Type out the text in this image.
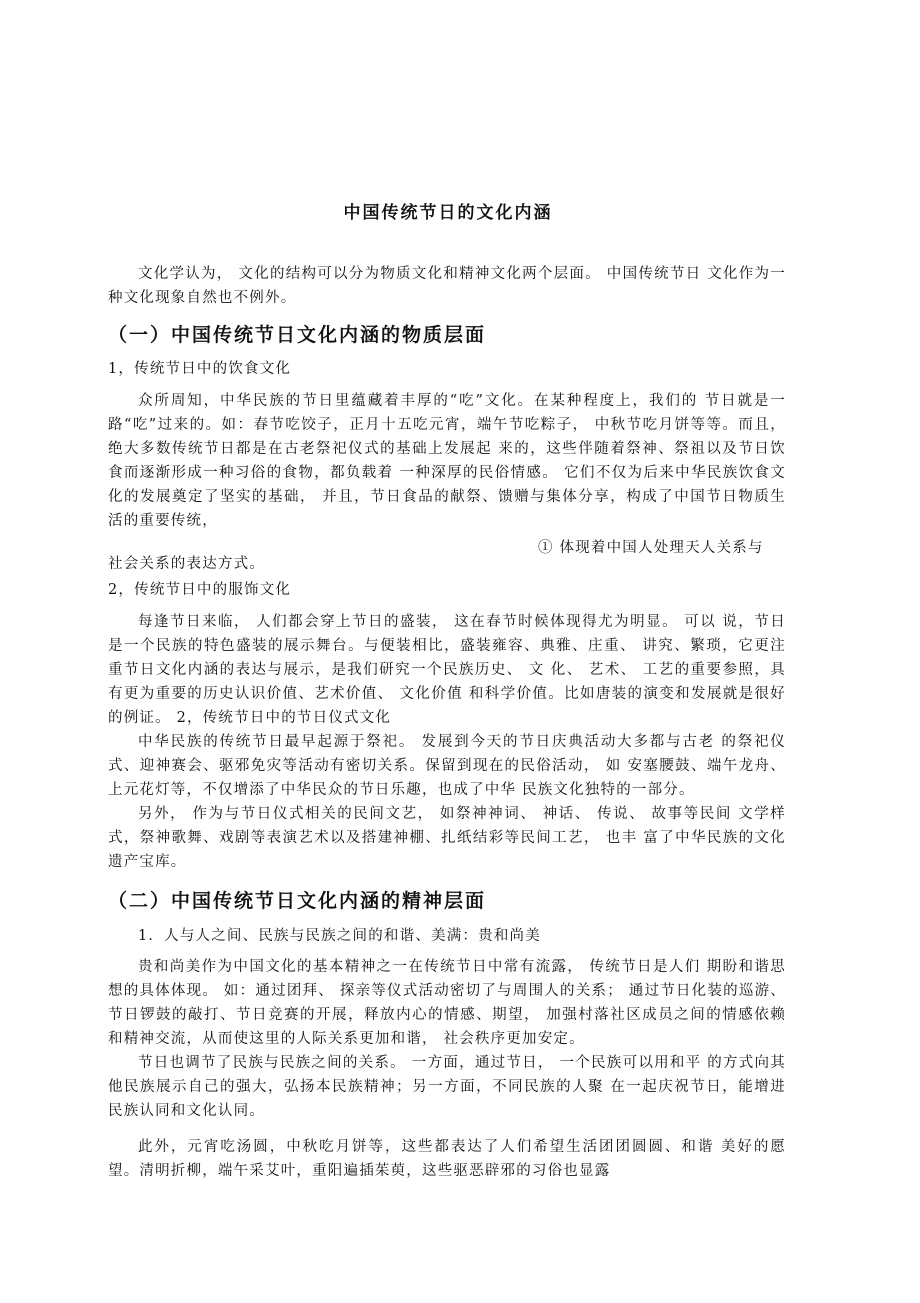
中国传统节日的文化内涵
文化学认为， 文化的结构可以分为物质文化和精神文化两个层面。 中国传统节日 文化作为一种文化现象自然也不例外。
（一）中国传统节日文化内涵的物质层面
1，传统节日中的饮食文化
众所周知，中华民族的节日里蕴藏着丰厚的“吃”文化。在某种程度上，我们的 节日就是一路“吃”过来的。如：春节吃饺子，正月十五吃元宵，端午节吃粽子， 中秋节吃月饼等等。而且，绝大多数传统节日都是在古老祭祀仪式的基础上发展起 来的，这些伴随着祭神、祭祖以及节日饮食而逐渐形成一种习俗的食物，都负载着 一种深厚的民俗情感。 它们不仅为后来中华民族饮食文化的发展奠定了坚实的基础， 并且，节日食品的献祭、馈赠与集体分享，构成了中国节日物质生活的重要传统，
① 体现着中国人处理天人关系与
社会关系的表达方式。
2，传统节日中的服饰文化
每逢节日来临， 人们都会穿上节日的盛装， 这在春节时候体现得尤为明显。 可以 说，节日是一个民族的特色盛装的展示舞台。与便装相比，盛装雍容、典雅、庄重、 讲究、繁琐，它更注重节日文化内涵的表达与展示，是我们研究一个民族历史、 文 化、 艺术、 工艺的重要参照，具有更为重要的历史认识价值、艺术价值、 文化价值 和科学价值。比如唐装的演变和发展就是很好的例证。 2，传统节日中的节日仪式文化
中华民族的传统节日最早起源于祭祀。 发展到今天的节日庆典活动大多都与古老 的祭祀仪式、迎神赛会、驱邪免灾等活动有密切关系。保留到现在的民俗活动， 如 安塞腰鼓、端午龙舟、上元花灯等，不仅增添了中华民众的节日乐趣，也成了中华 民族文化独特的一部分。
另外， 作为与节日仪式相关的民间文艺， 如祭神神词、 神话、 传说、 故事等民间 文学样式，祭神歌舞、戏剧等表演艺术以及搭建神棚、扎纸结彩等民间工艺， 也丰 富了中华民族的文化遗产宝库。
（二）中国传统节日文化内涵的精神层面
1．人与人之间、民族与民族之间的和谐、美满：贵和尚美
贵和尚美作为中国文化的基本精神之一在传统节日中常有流露， 传统节日是人们 期盼和谐思想的具体体现。 如：通过团拜、 探亲等仪式活动密切了与周围人的关系； 通过节日化装的巡游、节日锣鼓的敲打、节日竞赛的开展，释放内心的情感、期望， 加强村落社区成员之间的情感依赖和精神交流，从而使这里的人际关系更加和谐， 社会秩序更加安定。
节日也调节了民族与民族之间的关系。 一方面，通过节日， 一个民族可以用和平 的方式向其他民族展示自己的强大，弘扬本民族精神；另一方面，不同民族的人聚 在一起庆祝节日，能增进民族认同和文化认同。
此外，元宵吃汤圆，中秋吃月饼等，这些都表达了人们希望生活团团圆圆、和谐 美好的愿望。清明折柳，端午采艾叶，重阳遍插茱萸，这些驱恶辟邪的习俗也显露
